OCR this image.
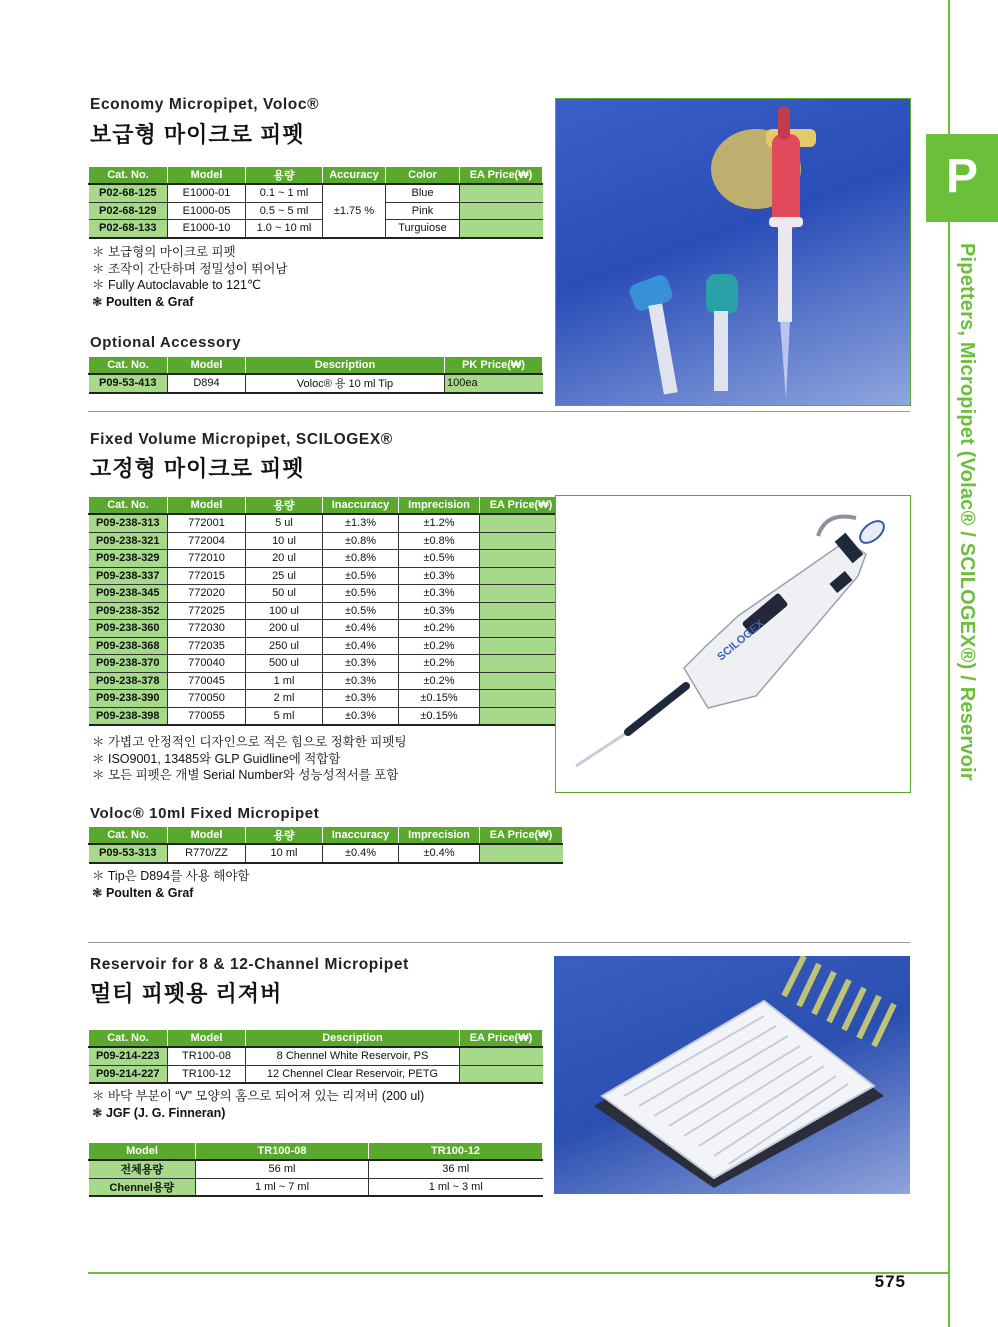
P
Pipetters, Micropipet (Volac® / SCILOGEX®) / Reservoir
Economy Micropipet, Voloc®
보급형 마이크로 피펫
Cat. No.	Model	용량	Accuracy	Color	EA Price(₩)
P02-68-125	E1000-01	0.1 ~ 1 ml	±1.75 %	Blue	
P02-68-129	E1000-05	0.5 ~ 5 ml		Pink	
P02-68-133	E1000-10	1.0 ~ 10 ml		Turguiose	
＊ 보급형의 마이크로 피펫
＊ 조작이 간단하며 정밀성이 뛰어남
＊ Fully Autoclavable to 121℃
❃ Poulten & Graf
Optional Accessory
Cat. No.	Model	Description	PK Price(₩)
P09-53-413	D894	Voloc® 용 10 ml Tip	100ea
Fixed Volume Micropipet, SCILOGEX®
고정형 마이크로 피펫
Cat. No.	Model	용량	Inaccuracy	Imprecision	EA Price(₩)
P09-238-313	772001	5 ul	±1.3%	±1.2%	
P09-238-321	772004	10 ul	±0.8%	±0.8%	
P09-238-329	772010	20 ul	±0.8%	±0.5%	
P09-238-337	772015	25 ul	±0.5%	±0.3%	
P09-238-345	772020	50 ul	±0.5%	±0.3%	
P09-238-352	772025	100 ul	±0.5%	±0.3%	
P09-238-360	772030	200 ul	±0.4%	±0.2%	
P09-238-368	772035	250 ul	±0.4%	±0.2%	
P09-238-370	770040	500 ul	±0.3%	±0.2%	
P09-238-378	770045	1 ml	±0.3%	±0.2%	
P09-238-390	770050	2 ml	±0.3%	±0.15%	
P09-238-398	770055	5 ml	±0.3%	±0.15%	
＊ 가볍고 안정적인 디자인으로 적은 힘으로 정확한 피펫팅
＊ ISO9001, 13485와 GLP Guidline에 적합함
＊ 모든 피펫은 개별 Serial Number와 성능성적서를 포함
SCILOGEX
Voloc® 10ml Fixed Micropipet
Cat. No.	Model	용량	Inaccuracy	Imprecision	EA Price(₩)
P09-53-313	R770/ZZ	10 ml	±0.4%	±0.4%	
＊ Tip은 D894를 사용 해야함
❃ Poulten & Graf
Reservoir for 8 & 12-Channel Micropipet
멀티 피펫용 리져버
Cat. No.	Model	Description	EA Price(₩)
P09-214-223	TR100-08	8 Chennel White Reservoir, PS	
P09-214-227	TR100-12	12 Chennel Clear Reservoir, PETG	
＊ 바닥 부분이 “V” 모양의 홈으로 되어져 있는 리져버 (200 ul)
❃ JGF (J. G. Finneran)
Model	TR100-08	TR100-12
전체용량	56 ml	36 ml
Chennel용량	1 ml ~ 7 ml	1 ml ~ 3 ml
575
